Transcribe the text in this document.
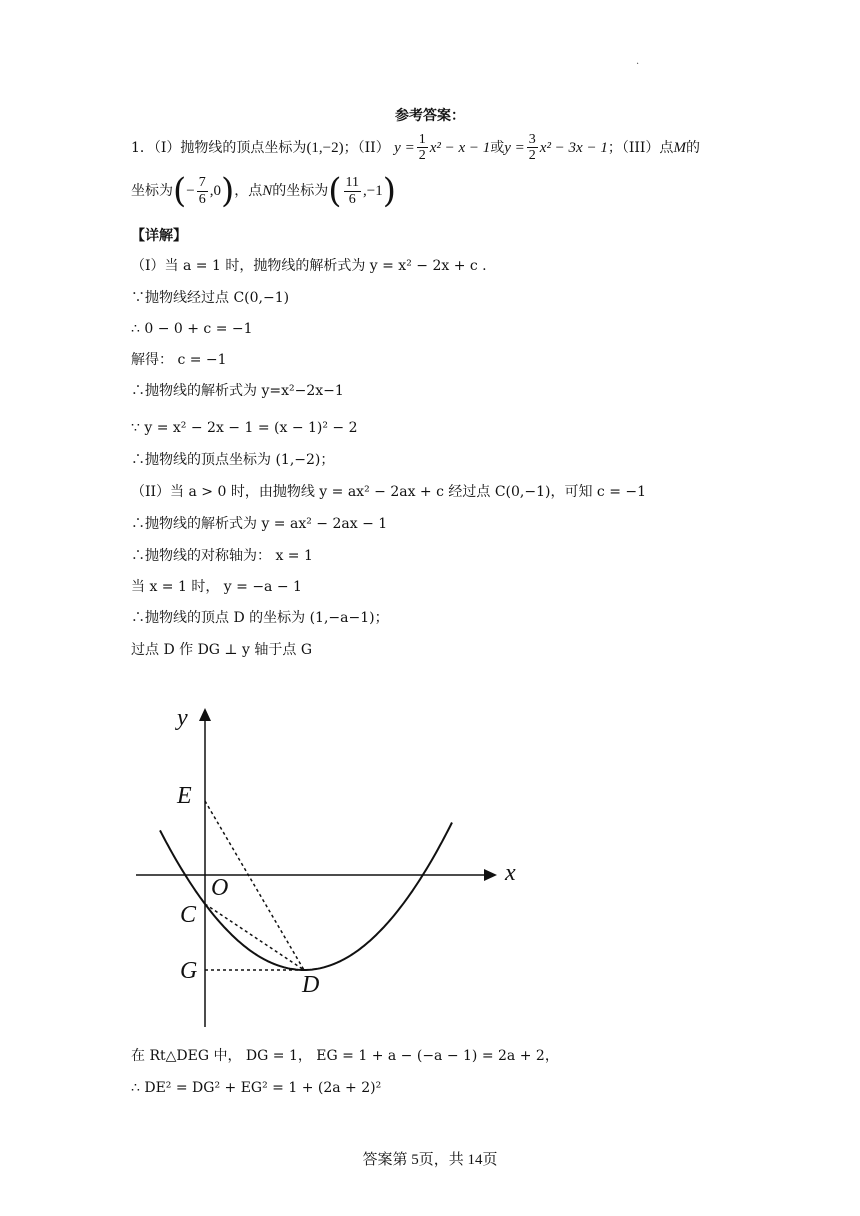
.
参考答案：
1．（I）抛物线的顶点坐标为(1,−2)；（II） $y = \frac{1}{2} x^2 - x - 1$或$y = \frac{3}{2} x^2 - 3x - 1$；（III）点M的
坐标为(− $\frac{7}{6} ,0$)，点N的坐标为( $\frac{11}{6} ,-1$)
【详解】
（I）当 a = 1 时，抛物线的解析式为 y = x² − 2x + c .
∵抛物线经过点 C(0,−1)
∴ 0 − 0 + c = −1
解得： c = −1
∴抛物线的解析式为 y=x²−2x−1
∵ y = x² − 2x − 1 = (x − 1)² − 2
∴抛物线的顶点坐标为 (1,−2)；
（II）当 a > 0 时，由抛物线 y = ax² − 2ax + c 经过点 C(0,−1)，可知 c = −1
∴抛物线的解析式为 y = ax² − 2ax − 1
∴抛物线的对称轴为： x = 1
当 x = 1 时， y = −a − 1
∴抛物线的顶点 D 的坐标为 (1,−a−1)；
过点 D 作 DG ⊥ y 轴于点 G
y
x
E
O
C
G
D
在 Rt△DEG 中， DG = 1， EG = 1 + a − (−a − 1) = 2a + 2，
∴ DE² = DG² + EG² = 1 + (2a + 2)²
答案第 5页，共 14页
